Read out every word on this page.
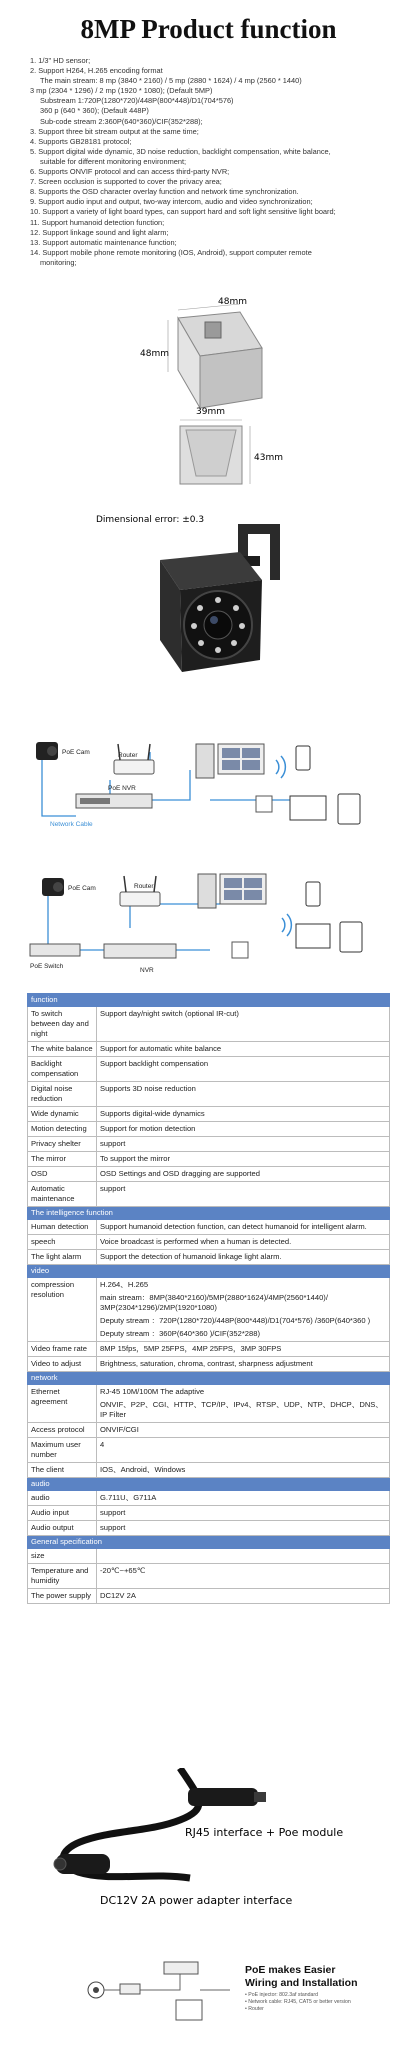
8MP Product function
1. 1/3" HD sensor;
2. Support H264, H.265 encoding format
The main stream: 8 mp (3840 * 2160) / 5 mp (2880 * 1624) / 4 mp (2560 * 1440)
3 mp (2304 * 1296) / 2 mp (1920 * 1080); (Default 5MP)
Substream 1:720P(1280*720)/448P(800*448)/D1(704*576)
360 p (640 * 360); (Default 448P)
Sub-code stream 2:360P(640*360)/CIF(352*288);
3. Support three bit stream output at the same time;
4. Supports GB28181 protocol;
5. Support digital wide dynamic, 3D noise reduction, backlight compensation, white balance,
suitable for different monitoring environment;
6. Supports ONVIF protocol and can access third-party NVR;
7. Screen occlusion is supported to cover the privacy area;
8. Supports the OSD character overlay function and network time synchronization.
9. Support audio input and output, two-way intercom, audio and video synchronization;
10. Support a variety of light board types, can support hard and soft light sensitive light board;
11. Support humanoid detection function;
12. Support linkage sound and light alarm;
13. Support automatic maintenance function;
14. Support mobile phone remote monitoring (IOS, Android), support computer remote
monitoring;
48mm
48mm
39mm
43mm
Dimensional error: ±0.3
PoE Cam	Router
PoE NVR
Network Cable
PoE Cam	Router
PoE Switch
NVR
function	
To switch between day and night	Support day/night switch (optional IR-cut)

The white balance	Support for automatic white balance

Backlight compensation	Support backlight compensation

Digital noise reduction	Supports 3D noise reduction

Wide dynamic	Supports digital-wide dynamics

Motion detecting	Support for motion detection

Privacy shelter	support

The mirror	To support the mirror

OSD	OSD Settings and OSD dragging are supported

Automatic maintenance	support

The intelligence function	
Human detection	Support humanoid detection function, can detect humanoid for intelligent alarm.

speech	Voice broadcast is performed when a human is detected.

The light alarm	Support the detection of humanoid linkage light alarm.

video	
compression resolution	H.264、H.265
main stream：8MP(3840*2160)/5MP(2880*1624)/4MP(2560*1440)/ 3MP(2304*1296)/2MP(1920*1080)
Deputy stream ：720P(1280*720)/448P(800*448)/D1(704*576) /360P(640*360 )
Deputy stream ：360P(640*360 )/CIF(352*288)

Video frame rate	8MP 15fps，5MP 25FPS，4MP 25FPS，3MP 30FPS

Video to adjust	Brightness, saturation, chroma, contrast, sharpness adjustment

network	
Ethernet agreement	RJ-45 10M/100M The adaptive
ONVIF、P2P、CGI、HTTP、TCP/IP、IPv4、RTSP、UDP、NTP、DHCP、DNS、IP Filter

Access protocol	ONVIF/CGI

Maximum user number	4

The client	IOS、Android、Windows

audio	
audio	G.711U、G711A

Audio input	support

Audio output	support

General specification	
size	

Temperature and humidity	-20℃~+65℃

The power supply	DC12V 2A
RJ45 interface + Poe module
DC12V 2A power adapter interface
PoE makes Easier
Wiring and Installation
• PoE injector: 802.3af standard
• Network cable: RJ45, CAT5 or better version
• Router
